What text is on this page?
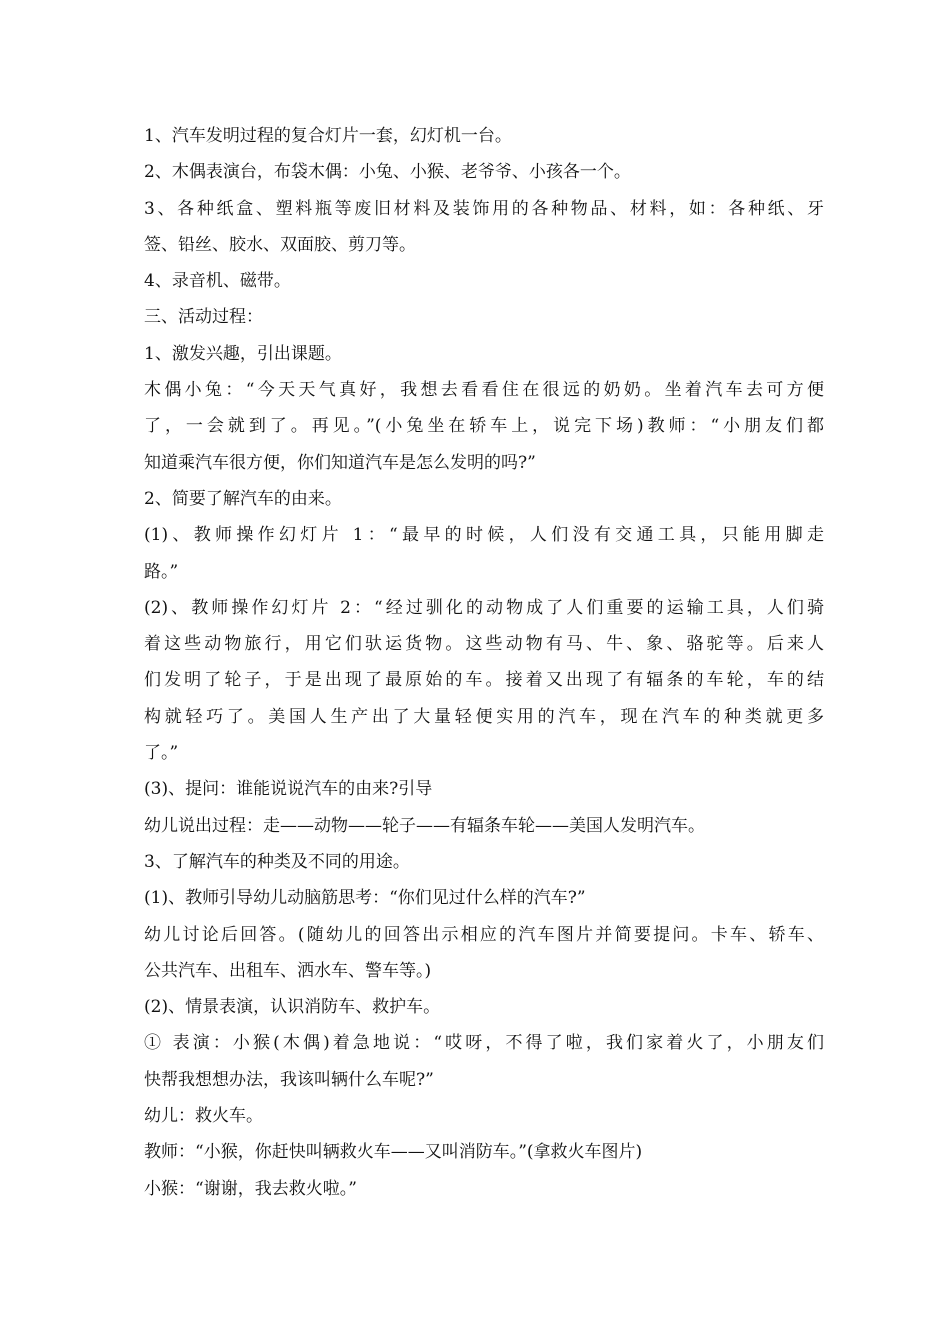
1、汽车发明过程的复合灯片一套，幻灯机一台。
2、木偶表演台，布袋木偶：小兔、小猴、老爷爷、小孩各一个。
3、各种纸盒、塑料瓶等废旧材料及装饰用的各种物品、材料，如：各种纸、牙
签、铅丝、胶水、双面胶、剪刀等。
4、录音机、磁带。
三、活动过程：
1、激发兴趣，引出课题。
木偶小兔：“今天天气真好，我想去看看住在很远的奶奶。坐着汽车去可方便
了，一会就到了。再见。”(小兔坐在轿车上，说完下场)教师：“小朋友们都
知道乘汽车很方便，你们知道汽车是怎么发明的吗?”
2、简要了解汽车的由来。
(1)、教师操作幻灯片 1：“最早的时候，人们没有交通工具，只能用脚走
路。”
(2)、教师操作幻灯片 2：“经过驯化的动物成了人们重要的运输工具，人们骑
着这些动物旅行，用它们驮运货物。这些动物有马、牛、象、骆驼等。后来人
们发明了轮子，于是出现了最原始的车。接着又出现了有辐条的车轮，车的结
构就轻巧了。美国人生产出了大量轻便实用的汽车，现在汽车的种类就更多
了。”
(3)、提问：谁能说说汽车的由来?引导
幼儿说出过程：走——动物——轮子——有辐条车轮——美国人发明汽车。
3、了解汽车的种类及不同的用途。
(1)、教师引导幼儿动脑筋思考：“你们见过什么样的汽车?”
幼儿讨论后回答。(随幼儿的回答出示相应的汽车图片并简要提问。卡车、轿车、
公共汽车、出租车、洒水车、警车等。)
(2)、情景表演，认识消防车、救护车。
① 表演：小猴(木偶)着急地说：“哎呀，不得了啦，我们家着火了，小朋友们
快帮我想想办法，我该叫辆什么车呢?”
幼儿：救火车。
教师：“小猴，你赶快叫辆救火车——又叫消防车。”(拿救火车图片)
小猴：“谢谢，我去救火啦。”
